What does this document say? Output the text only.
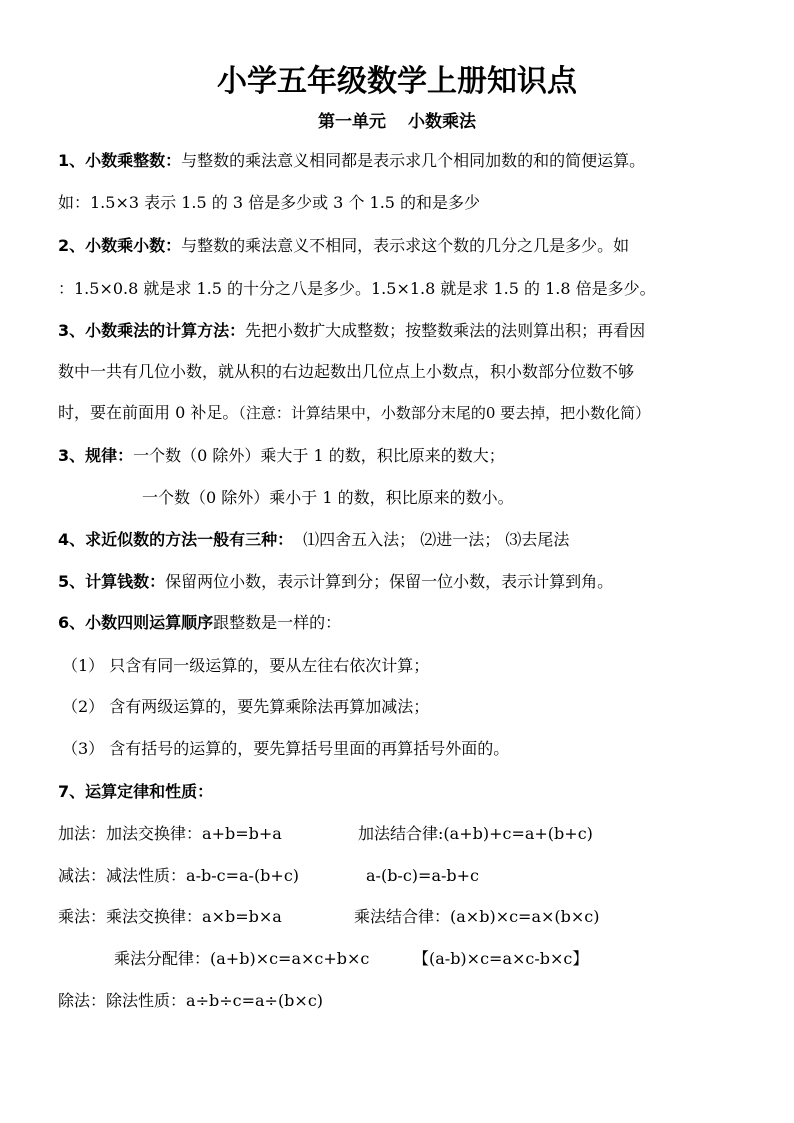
小学五年级数学上册知识点
第一单元 小数乘法
1、小数乘整数：与整数的乘法意义相同都是表示求几个相同加数的和的简便运算。
如：1.5×3 表示 1.5 的 3 倍是多少或 3 个 1.5 的和是多少
2、小数乘小数：与整数的乘法意义不相同，表示求这个数的几分之几是多少。如
：1.5×0.8 就是求 1.5 的十分之八是多少。1.5×1.8 就是求 1.5 的 1.8 倍是多少。
3、小数乘法的计算方法：先把小数扩大成整数；按整数乘法的法则算出积；再看因
数中一共有几位小数，就从积的右边起数出几位点上小数点，积小数部分位数不够
时，要在前面用 0 补足。（注意：计算结果中，小数部分末尾的0 要去掉，把小数化简）
3、规律：一个数（0 除外）乘大于 1 的数，积比原来的数大；
一个数（0 除外）乘小于 1 的数，积比原来的数小。
4、求近似数的方法一般有三种： ⑴四舍五入法； ⑵进一法； ⑶去尾法
5、计算钱数：保留两位小数，表示计算到分；保留一位小数，表示计算到角。
6、小数四则运算顺序跟整数是一样的：
（1） 只含有同一级运算的，要从左往右依次计算；
（2） 含有两级运算的，要先算乘除法再算加减法；
（3） 含有括号的运算的，要先算括号里面的再算括号外面的。
7、运算定律和性质：
加法：加法交换律：a+b=b+a	加法结合律:(a+b)+c=a+(b+c)
减法：减法性质：a-b-c=a-(b+c)	a-(b-c)=a-b+c
乘法：乘法交换律：a×b=b×a	乘法结合律：(a×b)×c=a×(b×c)
乘法分配律：(a+b)×c=a×c+b×c	【(a-b)×c=a×c-b×c】
除法：除法性质：a÷b÷c=a÷(b×c)
